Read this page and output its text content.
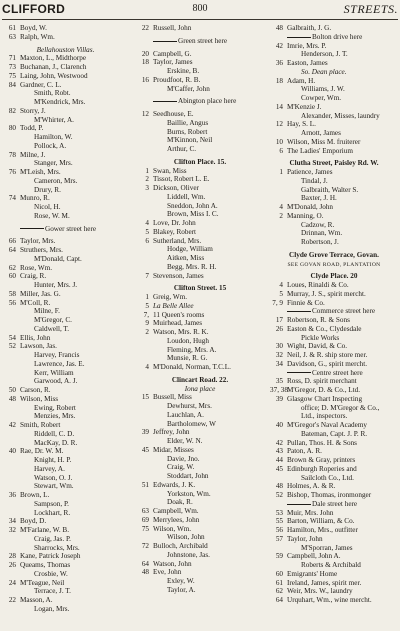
CLIFFORD	800	STREETS.
61 Boyd, W.
63 Ralph, Wm.
Bellahouston Villas.
71 Maxton, L., Midthorpe
73 Buchanan, J., Clarench
75 Laing, John, Westwood
84 Gardner, C. L.
Smith, Robt.
M'Kendrick, Mrs.
82 Storry, J.
M'Whirter, A.
80 Todd, P.
Hamilton, W.
Pollock, A.
78 Milne, J.
Stanger, Mrs.
76 M'Leish, Mrs.
Cameron, Mrs.
Drury, R.
74 Munro, R.
Nicol, H.
Rose, W. M.
Gower street here
66 Taylor, Mrs.
64 Struthers, Mrs.
M'Donald, Capt.
62 Rose, Wm.
60 Craig, R.
Hunter, Mrs. J.
58 Miller, Jas. G.
56 M'Coll, R.
Milne, F.
M'Gregor, C.
Caldwell, T.
54 Ellis, John
52 Lawson, Jas.
Harvey, Francis
Lawrence, Jas. E.
Kerr, William
Garwood, A. J.
50 Carson, R.
48 Wilson, Miss
Ewing, Robert
Menzies, Mrs.
42 Smith, Robert
Riddell, C. D.
MacKay, D. R.
40 Rae, Dr. W. M.
Knight, H. P.
Harvey, A.
Watson, O. J.
Stewart, Wm.
36 Brown, L.
Sampson, P.
Lockhart, R.
34 Boyd, D.
32 M'Farlane, W. B.
Craig, Jas. P.
Sharrocks, Mrs.
28 Kane, Patrick Joseph
26 Queams, Thomas
Crosbie, W.
24 M'Teague, Neil
Terrace, J. T.
22 Masson, A.
Logan, Mrs.
22 Russell, John
Green street here
20 Campbell, G.
18 Taylor, James
Erskine, B.
16 Proudfoot, R. B.
M'Caffer, John
Abington place here
12 Seedhouse, E.
Baillie, Angus
Burns, Robert
M'Kinnon, Neil
Arthur, C.
Clifton Place. 15.
1 Swan, Miss
2 Tissot, Robert L. E.
3 Dickson, Oliver
Liddell, Wm.
Sneddon, John A.
Brown, Miss I. C.
4 Love, Dr. John
5 Blakey, Robert
6 Sutherland, Mrs.
Hodge, William
Aitken, Miss
Begg, Mrs. R. H.
7 Stevenson, James
Clifton Street. 15
1 Greig, Wm.
5 La Belle Allee
7, 11 Queen's rooms
9 Muirhead, James
2 Watson, Mrs. R. K.
Loudon, Hugh
Fleming, Mrs. A.
Munsie, R. G.
4 M'Donald, Norman, T.C.L.
Clincart Road. 22.
Iona place
15 Bussell, Miss
Dewhurst, Mrs.
Lauchlan, A.
Bartholomew, W
39 Jeffrey, John
Elder, W. N.
45 Midar, Misses
Davie, Jno.
Craig, W.
Stoddart, John
51 Edwards, J. K.
Yorkston, Wm.
Doak, R.
63 Campbell, Wm.
69 Merrylees, John
75 Wilson, Wm.
Wilson, John
72 Bulloch, Archibald
Johnstone, Jas.
64 Watson, John
48 Eve, John
Exley, W.
Taylor, A.
48 Galbraith, J. G.
Bolton drive here
42 Imrie, Mrs. P.
Henderson, J. T.
36 Easton, James
So. Dean place.
18 Adam, H.
Williams, J. W.
Cowper, Wm.
14 M'Kenzie J.
Alexander, Misses, laundry
12 Hay, S. L.
Arnott, James
10 Wilson, Miss M. fruiterer
6 The Ladies' Emporium
Clutha Street, Paisley Rd. W.
1 Patience, James
Tindal, J.
Galbraith, Walter S.
Baxter, J. H.
4 M'Donald, John
2 Manning, O.
Cadzow, R.
Drinnan, Wm.
Robertson, J.
Clyde Grove Terrace, Govan.
SEE GOVAN ROAD, PLANTATION
Clyde Place. 20
4 Loues, Rinaldi & Co.
5 Murray, J. S., spirit mercht.
7, 9 Finnie & Co.
Commerce street here
17 Robertson, R. & Sons
26 Easton & Co., Clydesdale
Pickle Works
30 Wight, David, & Co.
32 Neil, J. & R. ship store mer.
34 Davidson, G., spirit mercht.
Centre street here
35 Ross, D. spirit merchant
37, 38 M'Gregor, D. & Co., Ltd.
39 Glasgow Chart Inspecting
office; D. M'Gregor & Co.,
Ltd., inspectors.
40 M'Gregor's Naval Academy
Bateman, Capt. J. P. R.
42 Pullan, Thos. H. & Sons
43 Paton, A. R.
44 Brown & Gray, printers
45 Edinburgh Roperies and
Sailcloth Co., Ltd.
48 Holmes, A. & R.
52 Bishop, Thomas, ironmonger
Dale street here
53 Muir, Mrs. John
55 Barton, William, & Co.
56 Hamilton, Mrs., outfitter
57 Taylor, John
M'Sporran, James
59 Campbell, John A.
Roberts & Archibald
60 Emigrants' Home
61 Ireland, James, spirit mer.
62 Weir, Mrs. W., laundry
64 Urquhart, Wm., wine mercht.
